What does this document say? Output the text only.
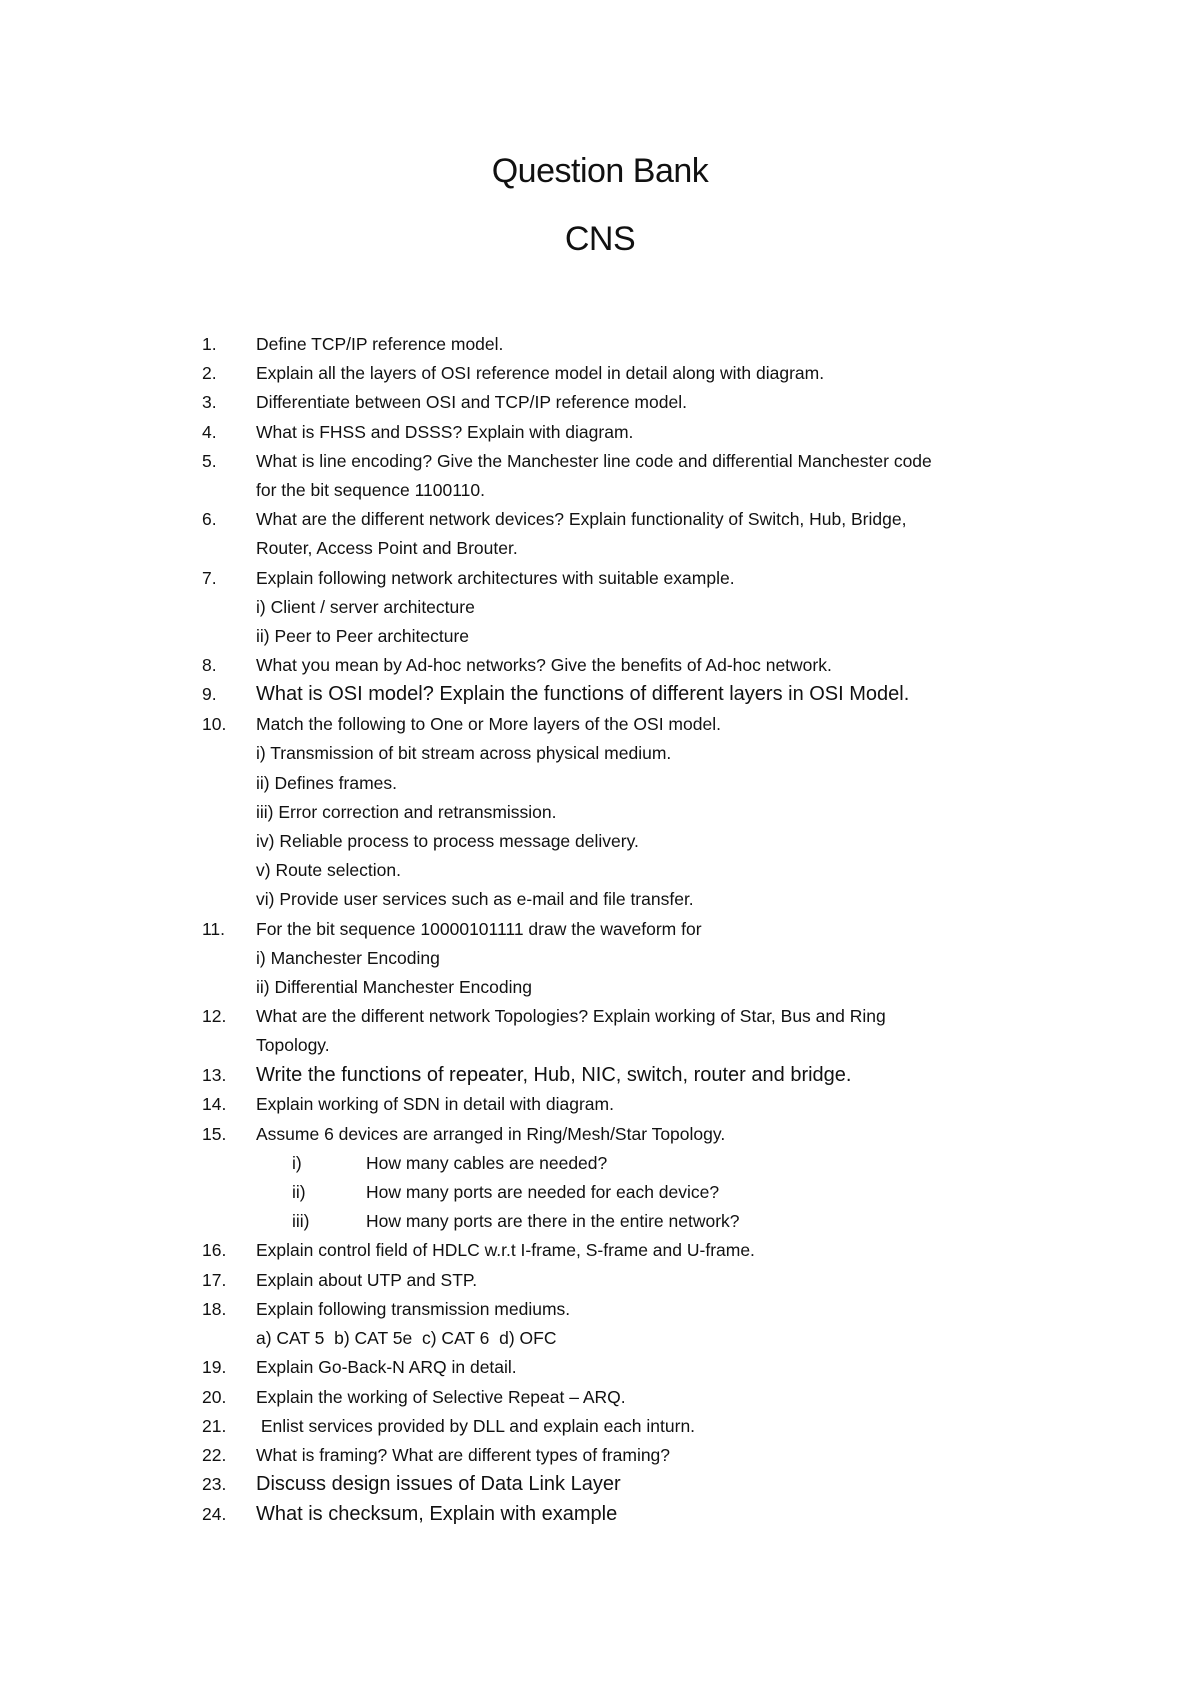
Question Bank
CNS
1.	Define TCP/IP reference model.
2.	Explain all the layers of OSI reference model in detail along with diagram.
3.	Differentiate between OSI and TCP/IP reference model.
4.	What is FHSS and DSSS? Explain with diagram.
5.	What is line encoding? Give the Manchester line code and differential Manchester code
for the bit sequence 1100110.
6.	What are the different network devices? Explain functionality of Switch, Hub, Bridge,
Router, Access Point and Brouter.
7.	Explain following network architectures with suitable example.
i) Client / server architecture
ii) Peer to Peer architecture
8.	What you mean by Ad-hoc networks? Give the benefits of Ad-hoc network.
9.	What is OSI model? Explain the functions of different layers in OSI Model.
10.	Match the following to One or More layers of the OSI model.
i) Transmission of bit stream across physical medium.
ii) Defines frames.
iii) Error correction and retransmission.
iv) Reliable process to process message delivery.
v) Route selection.
vi) Provide user services such as e-mail and file transfer.
11.	For the bit sequence 10000101111 draw the waveform for
i) Manchester Encoding
ii) Differential Manchester Encoding
12.	What are the different network Topologies? Explain working of Star, Bus and Ring
Topology.
13.	Write the functions of repeater, Hub, NIC, switch, router and bridge.
14.	Explain working of SDN in detail with diagram.
15.	Assume 6 devices are arranged in Ring/Mesh/Star Topology.
i)	How many cables are needed?
ii)	How many ports are needed for each device?
iii)	How many ports are there in the entire network?
16.	Explain control field of HDLC w.r.t I-frame, S-frame and U-frame.
17.	Explain about UTP and STP.
18.	Explain following transmission mediums.
a) CAT 5  b) CAT 5e  c) CAT 6  d) OFC
19.	Explain Go-Back-N ARQ in detail.
20.	Explain the working of Selective Repeat – ARQ.
21.	Enlist services provided by DLL and explain each inturn.
22.	What is framing? What are different types of framing?
23.	Discuss design issues of Data Link Layer
24.	What is checksum, Explain with example
